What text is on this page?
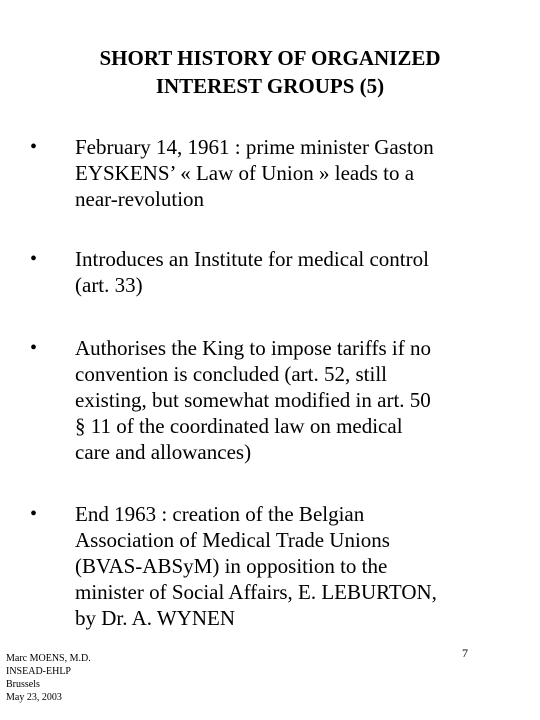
SHORT HISTORY OF ORGANIZED
INTEREST GROUPS (5)
•	February 14, 1961 : prime minister Gaston
EYSKENS’ « Law of Union » leads to a
near-revolution
•	Introduces an Institute for medical control
(art. 33)
•	Authorises the King to impose tariffs if no
convention is concluded (art. 52, still
existing, but somewhat modified in art. 50
§ 11 of the coordinated law on medical
care and allowances)
•	End 1963 : creation of the Belgian
Association of Medical Trade Unions
(BVAS-ABSyM) in opposition to the
minister of Social Affairs, E. LEBURTON,
by Dr. A. WYNEN
Marc MOENS, M.D.
INSEAD-EHLP
Brussels
May 23, 2003
7
